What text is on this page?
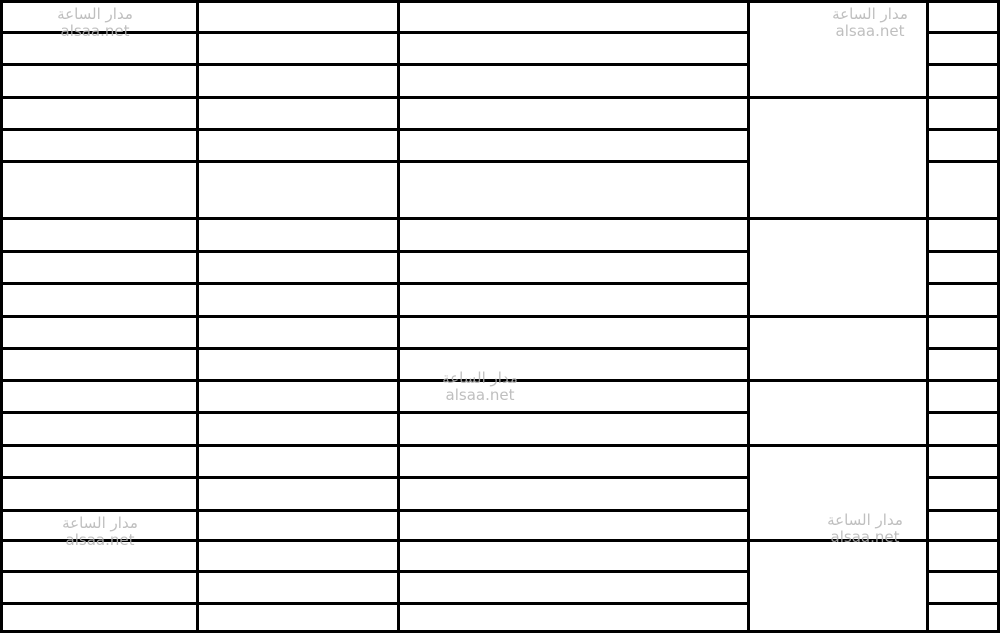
مدار الساعة
alsaa.net
مدار الساعة
alsaa.net
مدار الساعة
alsaa.net
مدار الساعة
alsaa.net
مدار الساعة
alsaa.net
